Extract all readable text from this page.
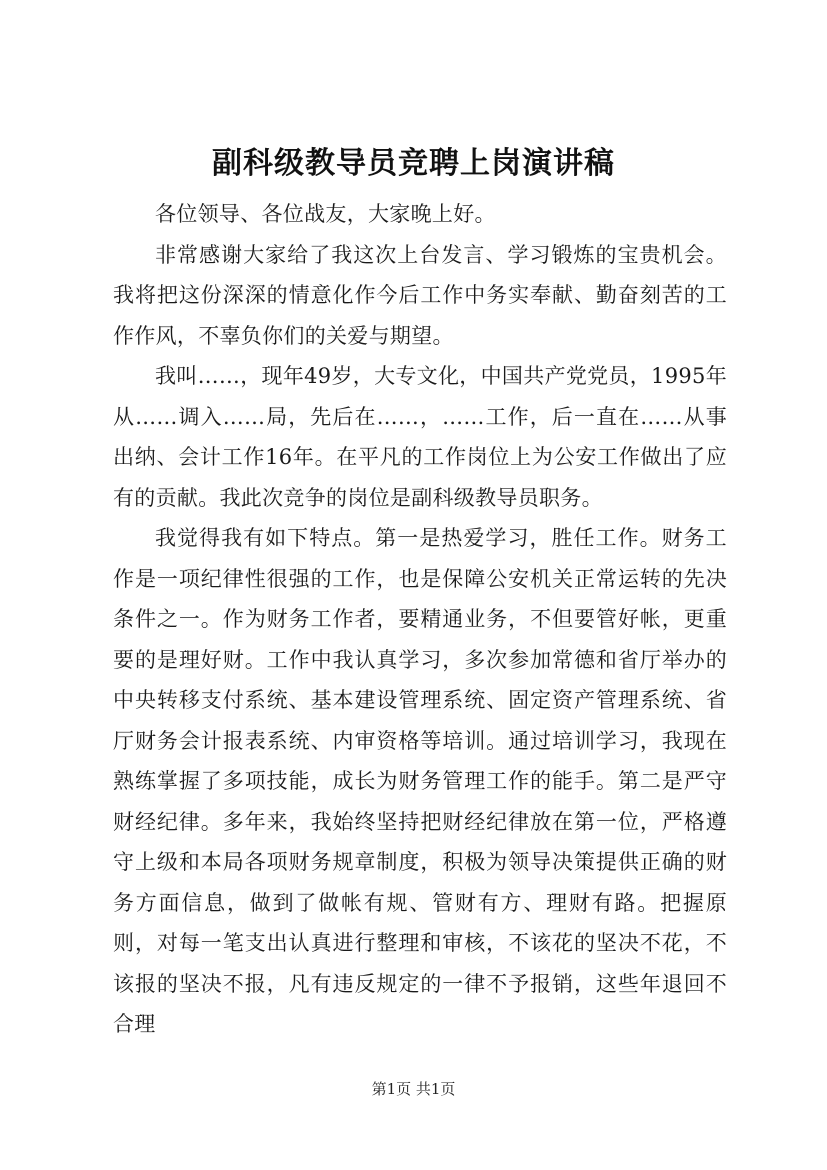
副科级教导员竞聘上岗演讲稿

各位领导、各位战友，大家晚上好。

非常感谢大家给了我这次上台发言、学习锻炼的宝贵机会。我将把这份深深的情意化作今后工作中务实奉献、勤奋刻苦的工作作风，不辜负你们的关爱与期望。

我叫……，现年49岁，大专文化，中国共产党党员，1995年从……调入……局，先后在……，……工作，后一直在……从事出纳、会计工作16年。在平凡的工作岗位上为公安工作做出了应有的贡献。我此次竞争的岗位是副科级教导员职务。

我觉得我有如下特点。第一是热爱学习，胜任工作。财务工作是一项纪律性很强的工作，也是保障公安机关正常运转的先决条件之一。作为财务工作者，要精通业务，不但要管好帐，更重要的是理好财。工作中我认真学习，多次参加常德和省厅举办的中央转移支付系统、基本建设管理系统、固定资产管理系统、省厅财务会计报表系统、内审资格等培训。通过培训学习，我现在熟练掌握了多项技能，成长为财务管理工作的能手。第二是严守财经纪律。多年来，我始终坚持把财经纪律放在第一位，严格遵守上级和本局各项财务规章制度，积极为领导决策提供正确的财务方面信息，做到了做帐有规、管财有方、理财有路。把握原则，对每一笔支出认真进行整理和审核，不该花的坚决不花，不该报的坚决不报，凡有违反规定的一律不予报销，这些年退回不合理

第1页 共1页
